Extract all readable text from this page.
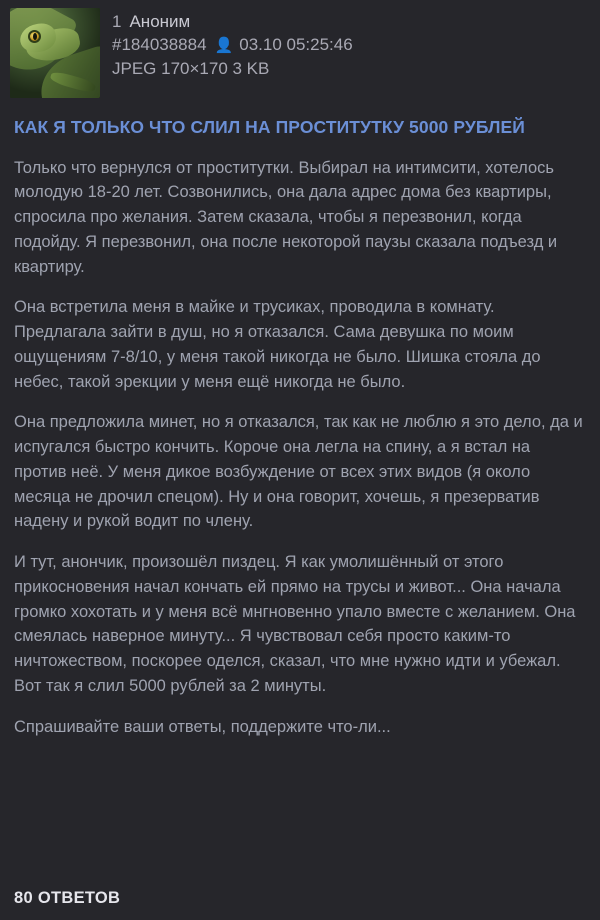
1 Аноним
#184038884 👤 03.10 05:25:46
JPEG 170×170 3 KB
КАК Я ТОЛЬКО ЧТО СЛИЛ НА ПРОСТИТУТКУ 5000 РУБЛЕЙ

Только что вернулся от проститутки. Выбирал на интимсити, хотелось молодую 18-20 лет. Созвонились, она дала адрес дома без квартиры, спросила про желания. Затем сказала, чтобы я перезвонил, когда подойду. Я перезвонил, она после некоторой паузы сказала подъезд и квартиру.

Она встретила меня в майке и трусиках, проводила в комнату. Предлагала зайти в душ, но я отказался. Сама девушка по моим ощущениям 7-8/10, у меня такой никогда не было. Шишка стояла до небес, такой эрекции у меня ещё никогда не было.

Она предложила минет, но я отказался, так как не люблю я это дело, да и испугался быстро кончить. Короче она легла на спину, а я встал на против неё. У меня дикое возбуждение от всех этих видов (я около месяца не дрочил спецом). Ну и она говорит, хочешь, я презерватив надену и рукой водит по члену.

И тут, анончик, произошёл пиздец. Я как умолишённый от этого прикосновения начал кончать ей прямо на трусы и живот... Она начала громко хохотать и у меня всё мнгновенно упало вместе с желанием. Она смеялась наверное минуту... Я чувствовал себя просто каким-то ничтожеством, поскорее оделся, сказал, что мне нужно идти и убежал. Вот так я слил 5000 рублей за 2 минуты.

Спрашивайте ваши ответы, поддержите что-ли...

80 ОТВЕТОВ
